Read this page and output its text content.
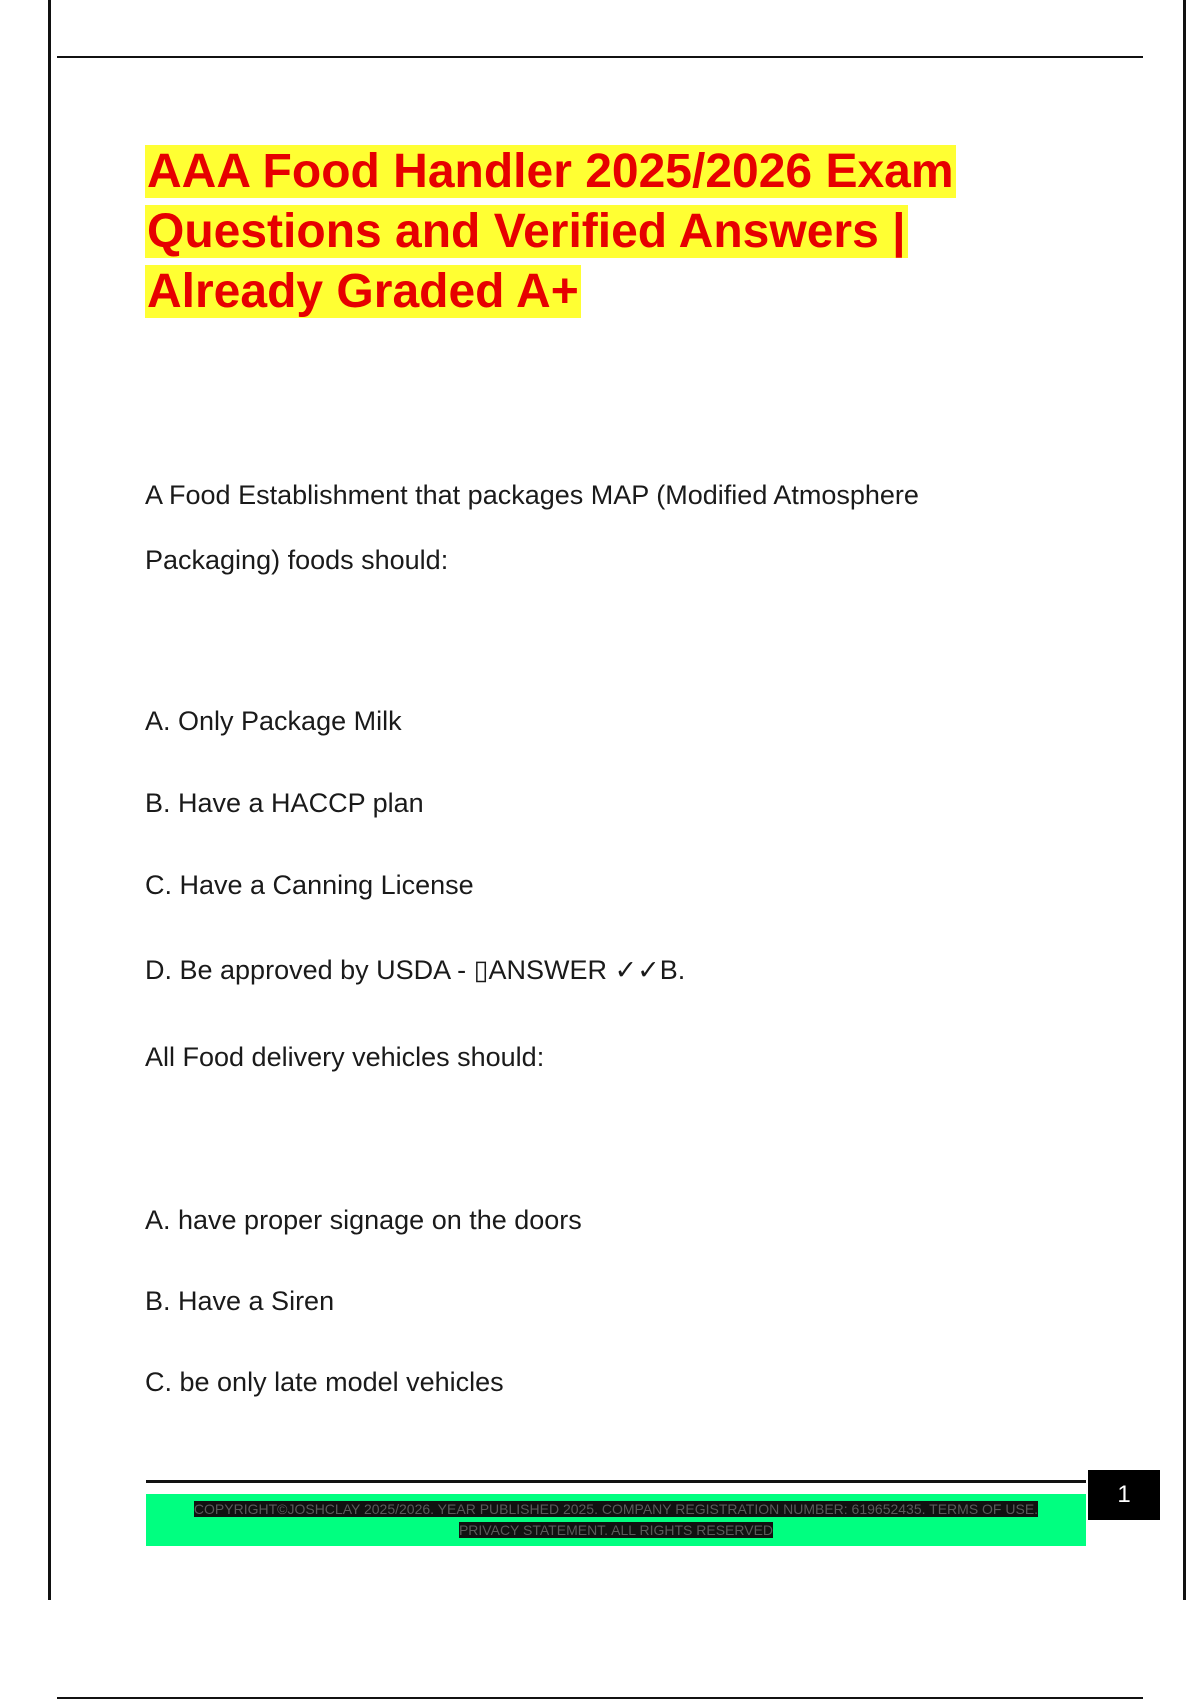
AAA Food Handler 2025/2026 Exam Questions and Verified Answers | Already Graded A+

A Food Establishment that packages MAP (Modified Atmosphere

Packaging) foods should:

A. Only Package Milk

B. Have a HACCP plan

C. Have a Canning License

D. Be approved by USDA - ▯ANSWER ✓✓B.

All Food delivery vehicles should:

A. have proper signage on the doors

B. Have a Siren

C. be only late model vehicles

COPYRIGHT©JOSHCLAY 2025/2026. YEAR PUBLISHED 2025. COMPANY REGISTRATION NUMBER: 619652435. TERMS OF USE. PRIVACY STATEMENT. ALL RIGHTS RESERVED
1
